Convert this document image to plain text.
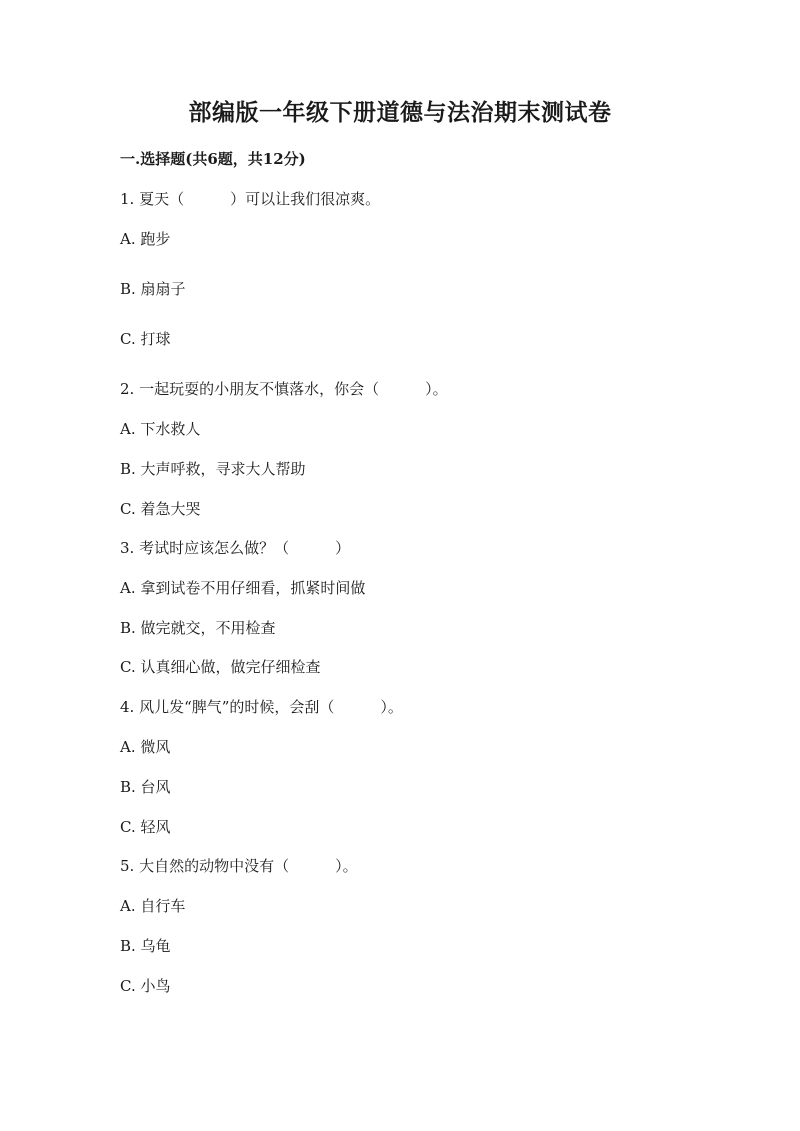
部编版一年级下册道德与法治期末测试卷
一.选择题(共6题，共12分)
1. 夏天（	）可以让我们很凉爽。
A. 跑步
B. 扇扇子
C. 打球
2. 一起玩耍的小朋友不慎落水，你会（	）。
A. 下水救人
B. 大声呼救，寻求大人帮助
C. 着急大哭
3. 考试时应该怎么做？（	）
A. 拿到试卷不用仔细看，抓紧时间做
B. 做完就交，不用检查
C. 认真细心做，做完仔细检查
4. 风儿发“脾气”的时候，会刮（	）。
A. 微风
B. 台风
C. 轻风
5. 大自然的动物中没有（	）。
A. 自行车
B. 乌龟
C. 小鸟
